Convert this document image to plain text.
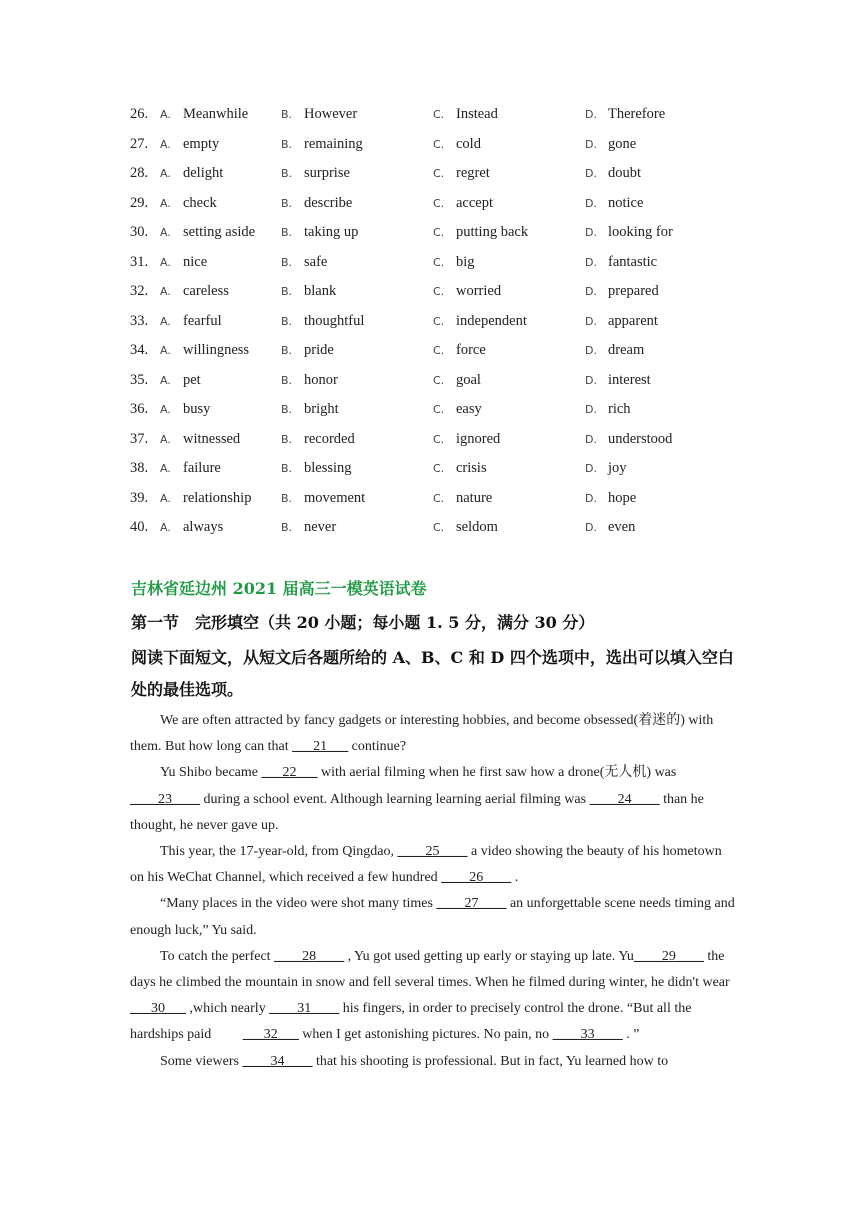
26. A. Meanwhile	B. However	C. Instead	D. Therefore
27. A. empty	B. remaining	C. cold	D. gone
28. A. delight	B. surprise	C. regret	D. doubt
29. A. check	B. describe	C. accept	D. notice
30. A. setting aside B. taking up	C. putting back	D. looking for
31. A. nice	B. safe	C. big	D. fantastic
32. A. careless	B. blank	C. worried	D. prepared
33. A. fearful	B. thoughtful	C. independent	D. apparent
34. A. willingness	B. pride	C. force	D. dream
35. A. pet	B. honor	C. goal	D. interest
36. A. busy	B. bright	C. easy	D. rich
37. A. witnessed	B. recorded	C. ignored	D. understood
38. A. failure	B. blessing	C. crisis	D. joy
39. A. relationship	B. movement	C. nature	D. hope
40. A. always	B. never	C. seldom	D. even
吉林省延边州 2021 届高三一模英语试卷
第一节　完形填空（共 20 小题；每小题 1. 5 分，满分 30 分）
阅读下面短文，从短文后各题所给的 A、B、C 和 D 四个选项中，选出可以填入空白处的最佳选项。

We are often attracted by fancy gadgets or interesting hobbies, and become obsessed(着迷的) with them. But how long can that ___21___ continue?

Yu Shibo became ___22___ with aerial filming when he first saw how a drone(无人机) was ____23____ during a school event. Although learning learning aerial filming was ____24____ than he thought, he never gave up.

This year, the 17-year-old, from Qingdao, ____25____ a video showing the beauty of his hometown on his WeChat Channel, which received a few hundred ____26____ .

“Many places in the video were shot many times ____27____ an unforgettable scene needs timing and enough luck,” Yu said.

To catch the perfect ____28____ , Yu got used getting up early or staying up late. Yu____29____ the days he climbed the mountain in snow and fell several times. When he filmed during winter, he didn't wear ___30___ ,which nearly ____31____ his fingers, in order to precisely control the drone. “But all the hardships paid         ___32___ when I get astonishing pictures. No pain, no ____33____ . ”

Some viewers ____34____ that his shooting is professional. But in fact, Yu learned how to
